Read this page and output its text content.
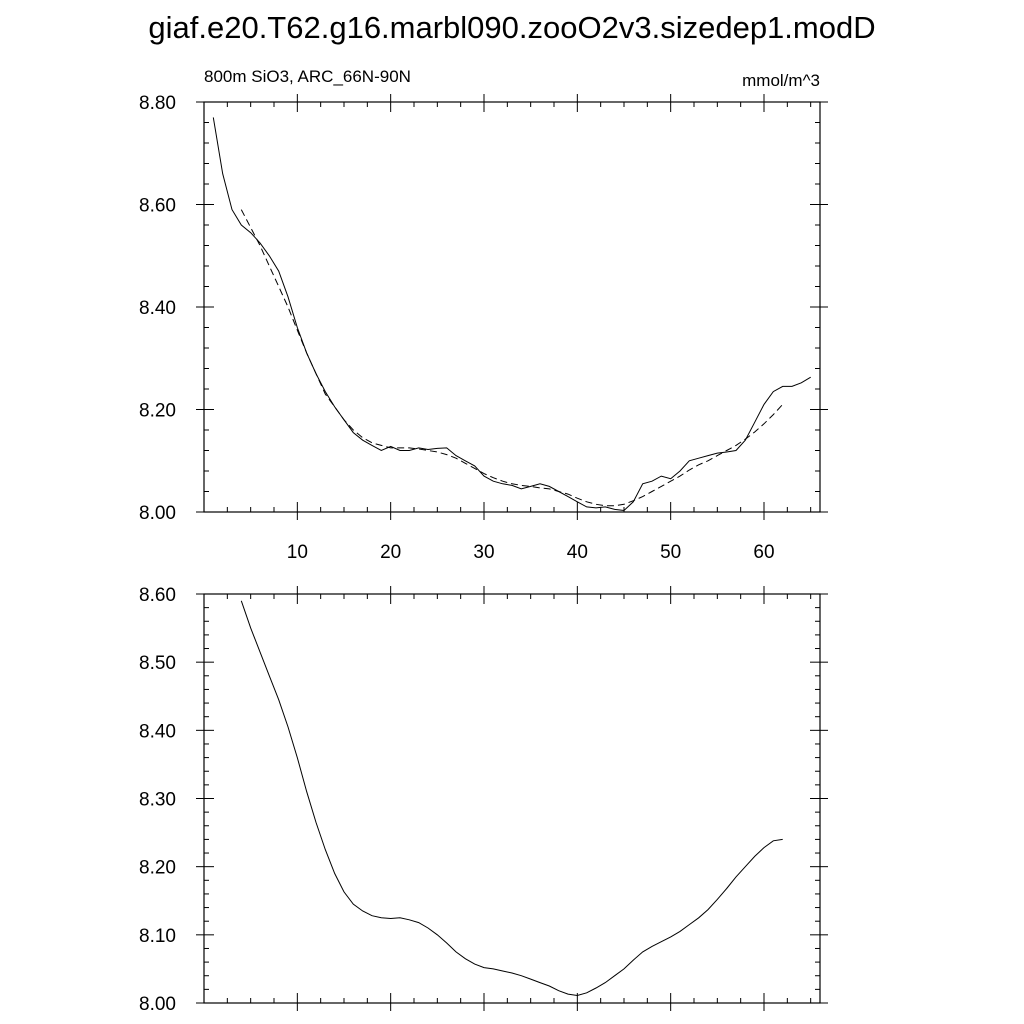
giaf.e20.T62.g16.marbl090.zooO2v3.sizedep1.modD
800m SiO3, ARC_66N-90N	mmol/m^3
10	20	30	40	50	60
8.00
8.20
8.40
8.60
8.80
8.00
8.10
8.20
8.30
8.40
8.50
8.60
